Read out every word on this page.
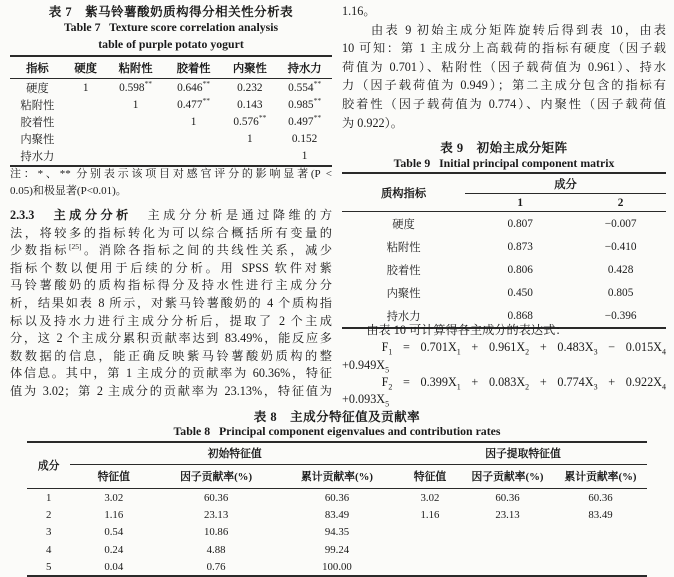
表 7　紫马铃薯酸奶质构得分相关性分析表
Table 7   Texture score correlation analysis
table of purple potato yogurt
指标	硬度	粘附性	胶着性	内聚性	持水力
硬度	1	0.598**	0.646**	0.232	0.554**
粘附性		1	0.477**	0.143	0.985**
胶着性			1	0.576**	0.497**
内聚性				1	0.152
持水力					1
注：*、** 分别表示该项目对感官评分的影响显著(P <
0.05)和极显著(P<0.01)。
2.3.3　主成分分析　主成分分析是通过降维的方
法，将较多的指标转化为可以综合概括所有变量的
少数指标[25]。消除各指标之间的共线性关系，减少
指标个数以便用于后续的分析。用 SPSS 软件对紫
马铃薯酸奶的质构指标得分及持水性进行主成分分
析，结果如表 8 所示，对紫马铃薯酸奶的 4 个质构指
标以及持水力进行主成分分析后，提取了 2 个主成
分，这 2 个主成分累积贡献率达到 83.49%，能反应多
数数据的信息，能正确反映紫马铃薯酸奶质构的整
体信息。其中，第 1 主成分的贡献率为 60.36%，特征
值为 3.02；第 2 主成分的贡献率为 23.13%，特征值为
1.16。
　　由表 9 初始主成分矩阵旋转后得到表 10，由表
10 可知：第 1 主成分上高载荷的指标有硬度（因子载
荷值为 0.701）、粘附性（因子载荷值为 0.961）、持水
力（因子载荷值为 0.949）；第二主成分包含的指标有
胶着性（因子载荷值为 0.774）、内聚性（因子载荷值
为 0.922）。
表 9　初始主成分矩阵
Table 9   Initial principal component matrix
质构指标	成分	
	1	2
硬度	0.807	−0.007
粘附性	0.873	−0.410
胶着性	0.806	0.428
内聚性	0.450	0.805
持水力	0.868	−0.396
　　由表 10 可计算得各主成分的表达式：
　　$F_1 = 0.701X_1 + 0.961X_2 + 0.483X_3 - 0.015X_4$
$+0.949X_5$
　　$F_2 = 0.399X_1 + 0.083X_2 + 0.774X_3 + 0.922X_4$
$+0.093X_5$
表 8　主成分特征值及贡献率
Table 8   Principal component eigenvalues and contribution rates
成分	初始特征值			因子提取特征值		
	特征值	因子贡献率(%)	累计贡献率(%)	特征值	因子贡献率(%)	累计贡献率(%)
1	3.02	60.36	60.36	3.02	60.36	60.36
2	1.16	23.13	83.49	1.16	23.13	83.49
3	0.54	10.86	94.35			
4	0.24	4.88	99.24			
5	0.04	0.76	100.00			
